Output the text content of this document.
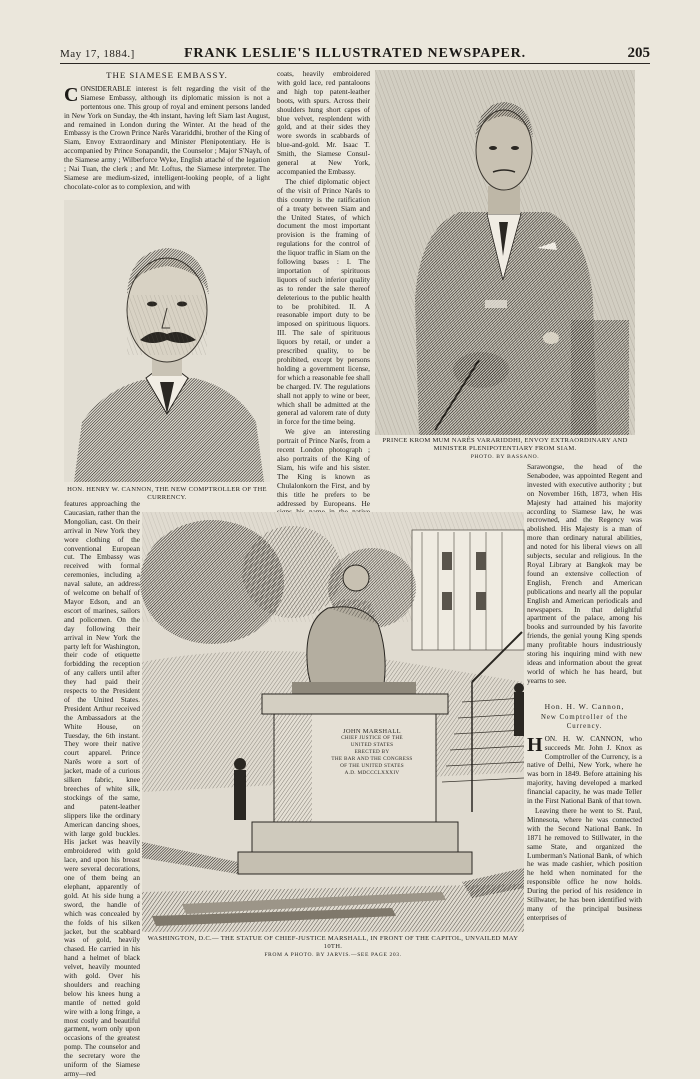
May 17, 1884.]	FRANK LESLIE'S ILLUSTRATED NEWSPAPER.	205
THE SIAMESE EMBASSY.

CONSIDERABLE interest is felt regarding the visit of the Siamese Embassy, although its diplomatic mission is not a portentous one. This group of royal and eminent persons landed in New York on Sunday, the 4th instant, having left Siam last August, and remained in London during the Winter. At the head of the Embassy is the Crown Prince Narês Varariddhi, brother of the King of Siam, Envoy Extraordinary and Minister Plenipotentiary. He is accompanied by Prince Sonapandit, the Counselor ; Major S'Nayh, of the Siamese army ; Wilberforce Wyke, English attaché of the legation ; Nai Tuan, the clerk ; and Mr. Loftus, the Siamese interpreter. The Siamese are medium-sized, intelligent-looking people, of a light chocolate-color as to complexion, and with

coats, heavily embroidered with gold lace, red pantaloons and high top patent-leather boots, with spurs. Across their shoulders hung short capes of blue velvet, resplendent with gold, and at their sides they wore swords in scabbards of blue-and-gold. Mr. Isaac T. Smith, the Siamese Consul-general at New York, accompanied the Embassy.

The chief diplomatic object of the visit of Prince Narês to this country is the ratification of a treaty between Siam and the United States, of which document the most important provision is the framing of regulations for the control of the liquor traffic in Siam on the following bases : I. The importation of spirituous liquors of such inferior quality as to render the sale thereof deleterious to the public health to be prohibited. II. A reasonable import duty to be imposed on spirituous liquors. III. The sale of spirituous liquors by retail, or under a prescribed quality, to be prohibited, except by persons holding a government license, for which a reasonable fee shall be charged. IV. The regulations shall not apply to wine or beer, which shall be admitted at the general ad valorem rate of duty in force for the time being.

We give an interesting portrait of Prince Narês, from a recent London photograph ; also portraits of the King of Siam, his wife and his sister. The King is known as Chulalonkorn the First, and by this title he prefers to be addressed by Europeans. He

HON. HENRY W. CANNON, THE NEW COMPTROLLER OF THE CURRENCY.
PRINCE KROM MUM NARÊS VARARIDDHI, ENVOY EXTRAORDINARY AND MINISTER PLENIPOTENTIARY FROM SIAM.
PHOTO. BY BASSANO.

Sarawongse, the head of the Senabodee, was appointed Regent and invested with executive authority ; but on November 16th, 1873, when His Majesty had attained his majority according to Siamese law, he was recrowned, and the Regency was abolished. His Majesty is a man of more than ordinary natural abilities, and noted for his liberal views on all subjects, secular and religious. In the Royal Library at Bangkok may be found an extensive collection of English, French and American publications and nearly all the popular English and American periodicals and newspapers. In that delightful apartment of the palace, among his books and surrounded by his favorite friends, the genial young King spends many profitable hours industriously storing his inquiring mind with new ideas and information about the great world of which he has heard, but yearns to see.

features approaching the Caucasian, rather than the Mongolian, cast. On their arrival in New York they wore clothing of the conventional European cut. The Embassy was received with formal ceremonies, including a naval salute, an address of welcome on behalf of Mayor Edson, and an escort of marines, sailors and policemen. On the day following their arrival in New York the party left for Washington, their code of etiquette forbidding the reception of any callers until after they had paid their respects to the President of the United States. President Arthur received the Ambassadors at the White House, on Tuesday, the 6th instant. They wore their native court apparel. Prince Narês wore a sort of jacket, made of a curious silken fabric, knee breeches of white silk, stockings of the same, and patent-leather slippers like the ordinary American dancing shoes, with large gold buckles. His jacket was heavily embroidered with gold lace, and upon his breast were several decorations, one of them being an elephant, apparently of gold. At his side hung a sword, the handle of which was concealed by the folds of his silken jacket, but the scabbard was of gold, heavily chased. He carried in his hand a helmet of black velvet, heavily mounted with gold. Over his shoulders and reaching below his knees hung a mantle of netted gold wire with a long fringe, a most costly and beautiful garment, worn only upon occasions of the greatest pomp. The counselor and the secretary wore the uniform of the Siamese army—red

JOHN MARSHALL
CHIEF JUSTICE OF THE
UNITED STATES
ERECTED BY
THE BAR AND THE CONGRESS
OF THE UNITED STATES
A.D. MDCCCLXXXIV
WASHINGTON, D.C.— THE STATUE OF CHIEF-JUSTICE MARSHALL, IN FRONT OF THE CAPITOL, UNVAILED MAY 10TH.
FROM A PHOTO. BY JARVIS.—SEE PAGE 203.
Hon. H. W. Cannon,
New Comptroller of the Currency.

HON. H. W. CANNON, who succeeds Mr. John J. Knox as Comptroller of the Currency, is a native of Delhi, New York, where he was born in 1849. Before attaining his majority, having developed a marked financial capacity, he was made Teller in the First National Bank of that town.

Leaving there he went to St. Paul, Minnesota, where he was connected with the Second National Bank. In 1871 he removed to Stillwater, in the same State, and organized the Lumberman's National Bank, of which he was made cashier, which position he held when nominated for the responsible office he now holds. During the period of his residence in Stillwater, he has been identified with many of the principal business enterprises of
